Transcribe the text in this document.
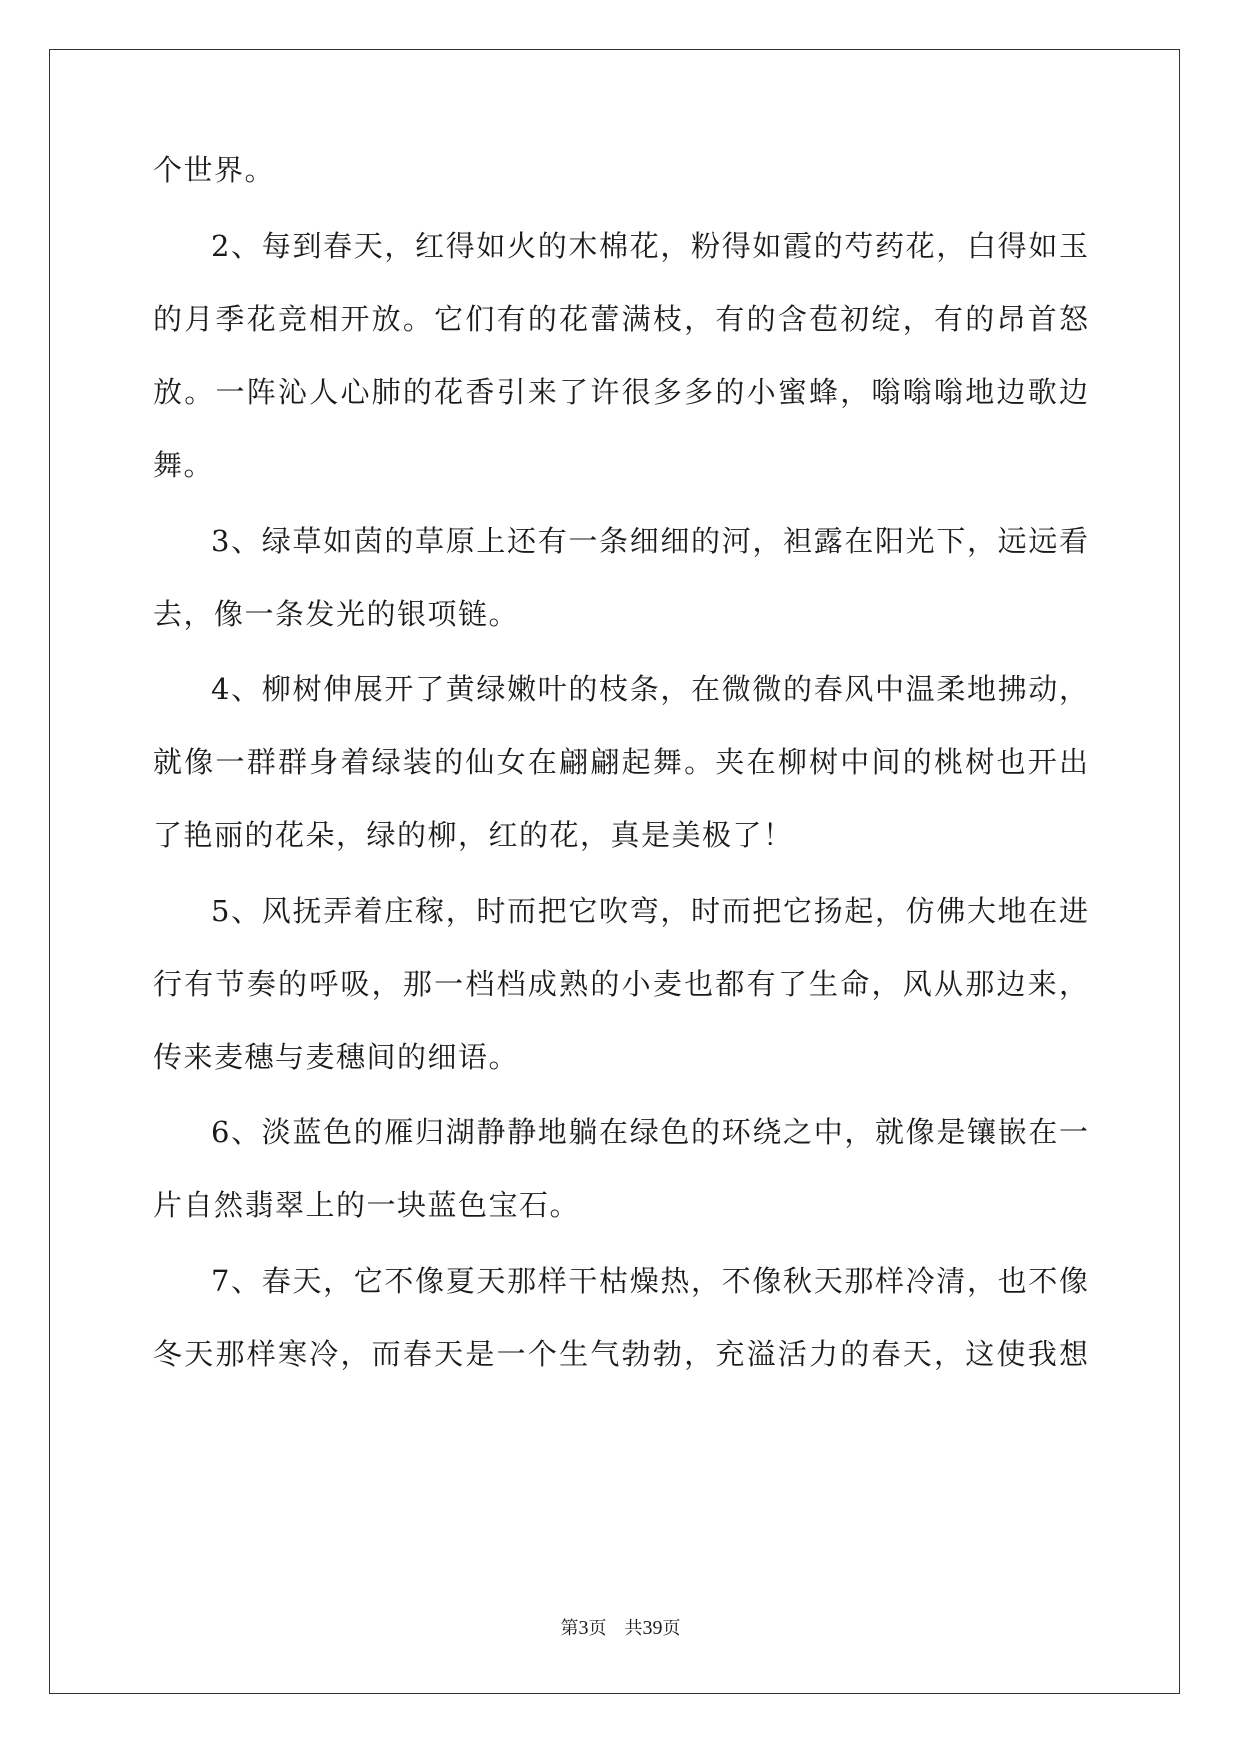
个世界。
2、每到春天，红得如火的木棉花，粉得如霞的芍药花，白得如玉
的月季花竞相开放。它们有的花蕾满枝，有的含苞初绽，有的昂首怒
放。一阵沁人心肺的花香引来了许很多多的小蜜蜂，嗡嗡嗡地边歌边
舞。
3、绿草如茵的草原上还有一条细细的河，袒露在阳光下，远远看
去，像一条发光的银项链。
4、柳树伸展开了黄绿嫩叶的枝条，在微微的春风中温柔地拂动，
就像一群群身着绿装的仙女在翩翩起舞。夹在柳树中间的桃树也开出
了艳丽的花朵，绿的柳，红的花，真是美极了！
5、风抚弄着庄稼，时而把它吹弯，时而把它扬起，仿佛大地在进
行有节奏的呼吸，那一档档成熟的小麦也都有了生命，风从那边来，
传来麦穗与麦穗间的细语。
6、淡蓝色的雁归湖静静地躺在绿色的环绕之中，就像是镶嵌在一
片自然翡翠上的一块蓝色宝石。
7、春天，它不像夏天那样干枯燥热，不像秋天那样冷清，也不像
冬天那样寒冷，而春天是一个生气勃勃，充溢活力的春天，这使我想
第3页 共39页
